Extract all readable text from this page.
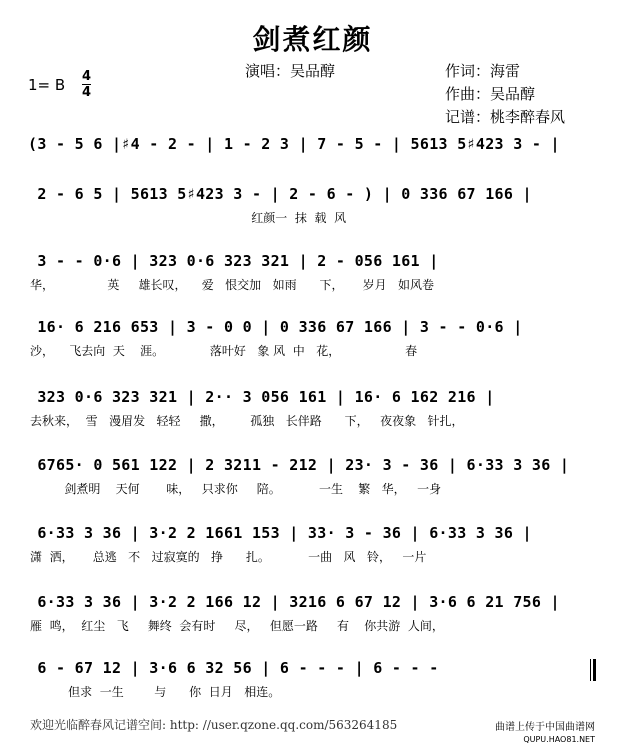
剑煮红颜
演唱：吴品醇	作词：海雷
作曲：吴品醇
记谱：桃李醉春风
1= B 4
4
(3 - 5 6 |♯4 - 2 - | 1 - 2 3 | 7 - 5 - | 5613 5♯423 3 - |
2 - 6 5 | 5613 5♯423 3 - | 2 - 6 - ) | 0 336 67 166 |
红颜一  抹  载  风
3 - - 0·6 | 323 0·6 323 321 | 2 - 056 161 |
华，              英     雄长叹，    爱   恨交加   如雨      下，     岁月   如风卷
16· 6 216 653 | 3 - 0 0 | 0 336 67 166 | 3 - - 0·6 |
沙，    飞去向  天    涯。            落叶好   象 风  中   花，                 春
323 0·6 323 321 | 2·· 3 056 161 | 16· 6 162 216 |
去秋来，  雪   漫眉发   轻轻     撒，       孤独   长伴路      下，   夜夜象   针扎，
6765· 0 561 122 | 2 3211 - 212 | 23· 3 - 36 | 6·33 3 36 |
剑煮明    天何       味，   只求你     陪。          一生    繁   华，   一身
6·33 3 36 | 3·2 2 1661 153 | 33· 3 - 36 | 6·33 3 36 |
潇  洒，     总逃   不   过寂寞的   挣      扎。          一曲   风   铃，   一片
6·33 3 36 | 3·2 2 166 12 | 3216 6 67 12 | 3·6 6 21 756 |
雁  鸣，  红尘   飞     舞终  会有时     尽，   但愿一路     有    你共游  人间，
6 - 67 12 | 3·6 6 32 56 | 6 - - - | 6 - - -
但求  一生        与      你  日月   相连。
欢迎光临醉春风记谱空间: http: //user.qzone.qq.com/563264185	曲谱上传于中国曲谱网
QUPU.HAO81.NET
